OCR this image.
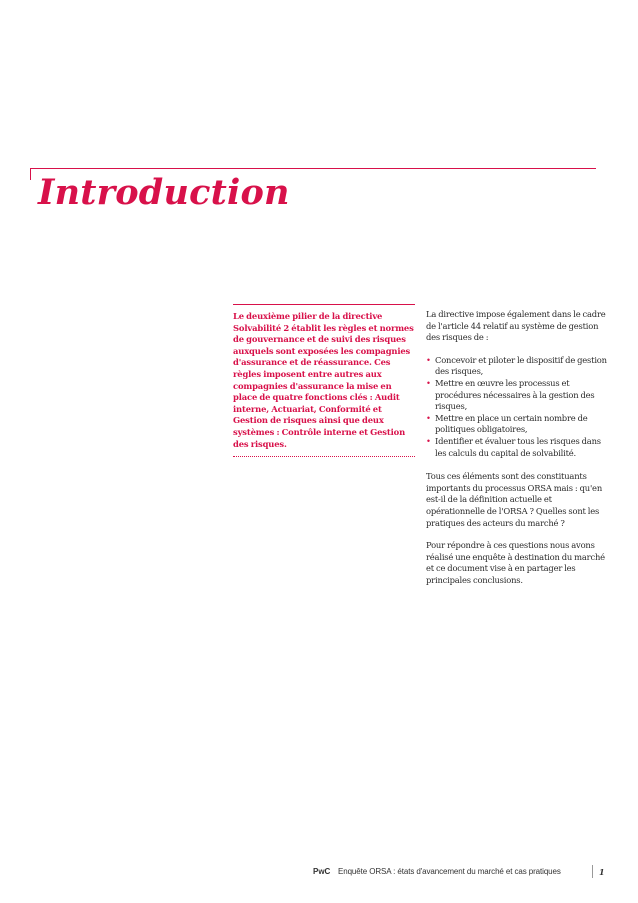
Introduction

Le deuxième pilier de la directive Solvabilité 2 établit les règles et normes de gouvernance et de suivi des risques auxquels sont exposées les compagnies d'assurance et de réassurance. Ces règles imposent entre autres aux compagnies d'assurance la mise en place de quatre fonctions clés : Audit interne, Actuariat, Conformité et Gestion de risques ainsi que deux systèmes : Contrôle interne et Gestion des risques.

La directive impose également dans le cadre de l'article 44 relatif au système de gestion des risques de :

• Concevoir et piloter le dispositif de gestion des risques,
• Mettre en œuvre les processus et procédures nécessaires à la gestion des risques,
• Mettre en place un certain nombre de politiques obligatoires,
• Identifier et évaluer tous les risques dans les calculs du capital de solvabilité.

Tous ces éléments sont des constituants importants du processus ORSA mais : qu'en est-il de la définition actuelle et opérationnelle de l'ORSA ? Quelles sont les pratiques des acteurs du marché ?

Pour répondre à ces questions nous avons réalisé une enquête à destination du marché et ce document vise à en partager les principales conclusions.

PwC Enquête ORSA : états d'avancement du marché et cas pratiques	1
